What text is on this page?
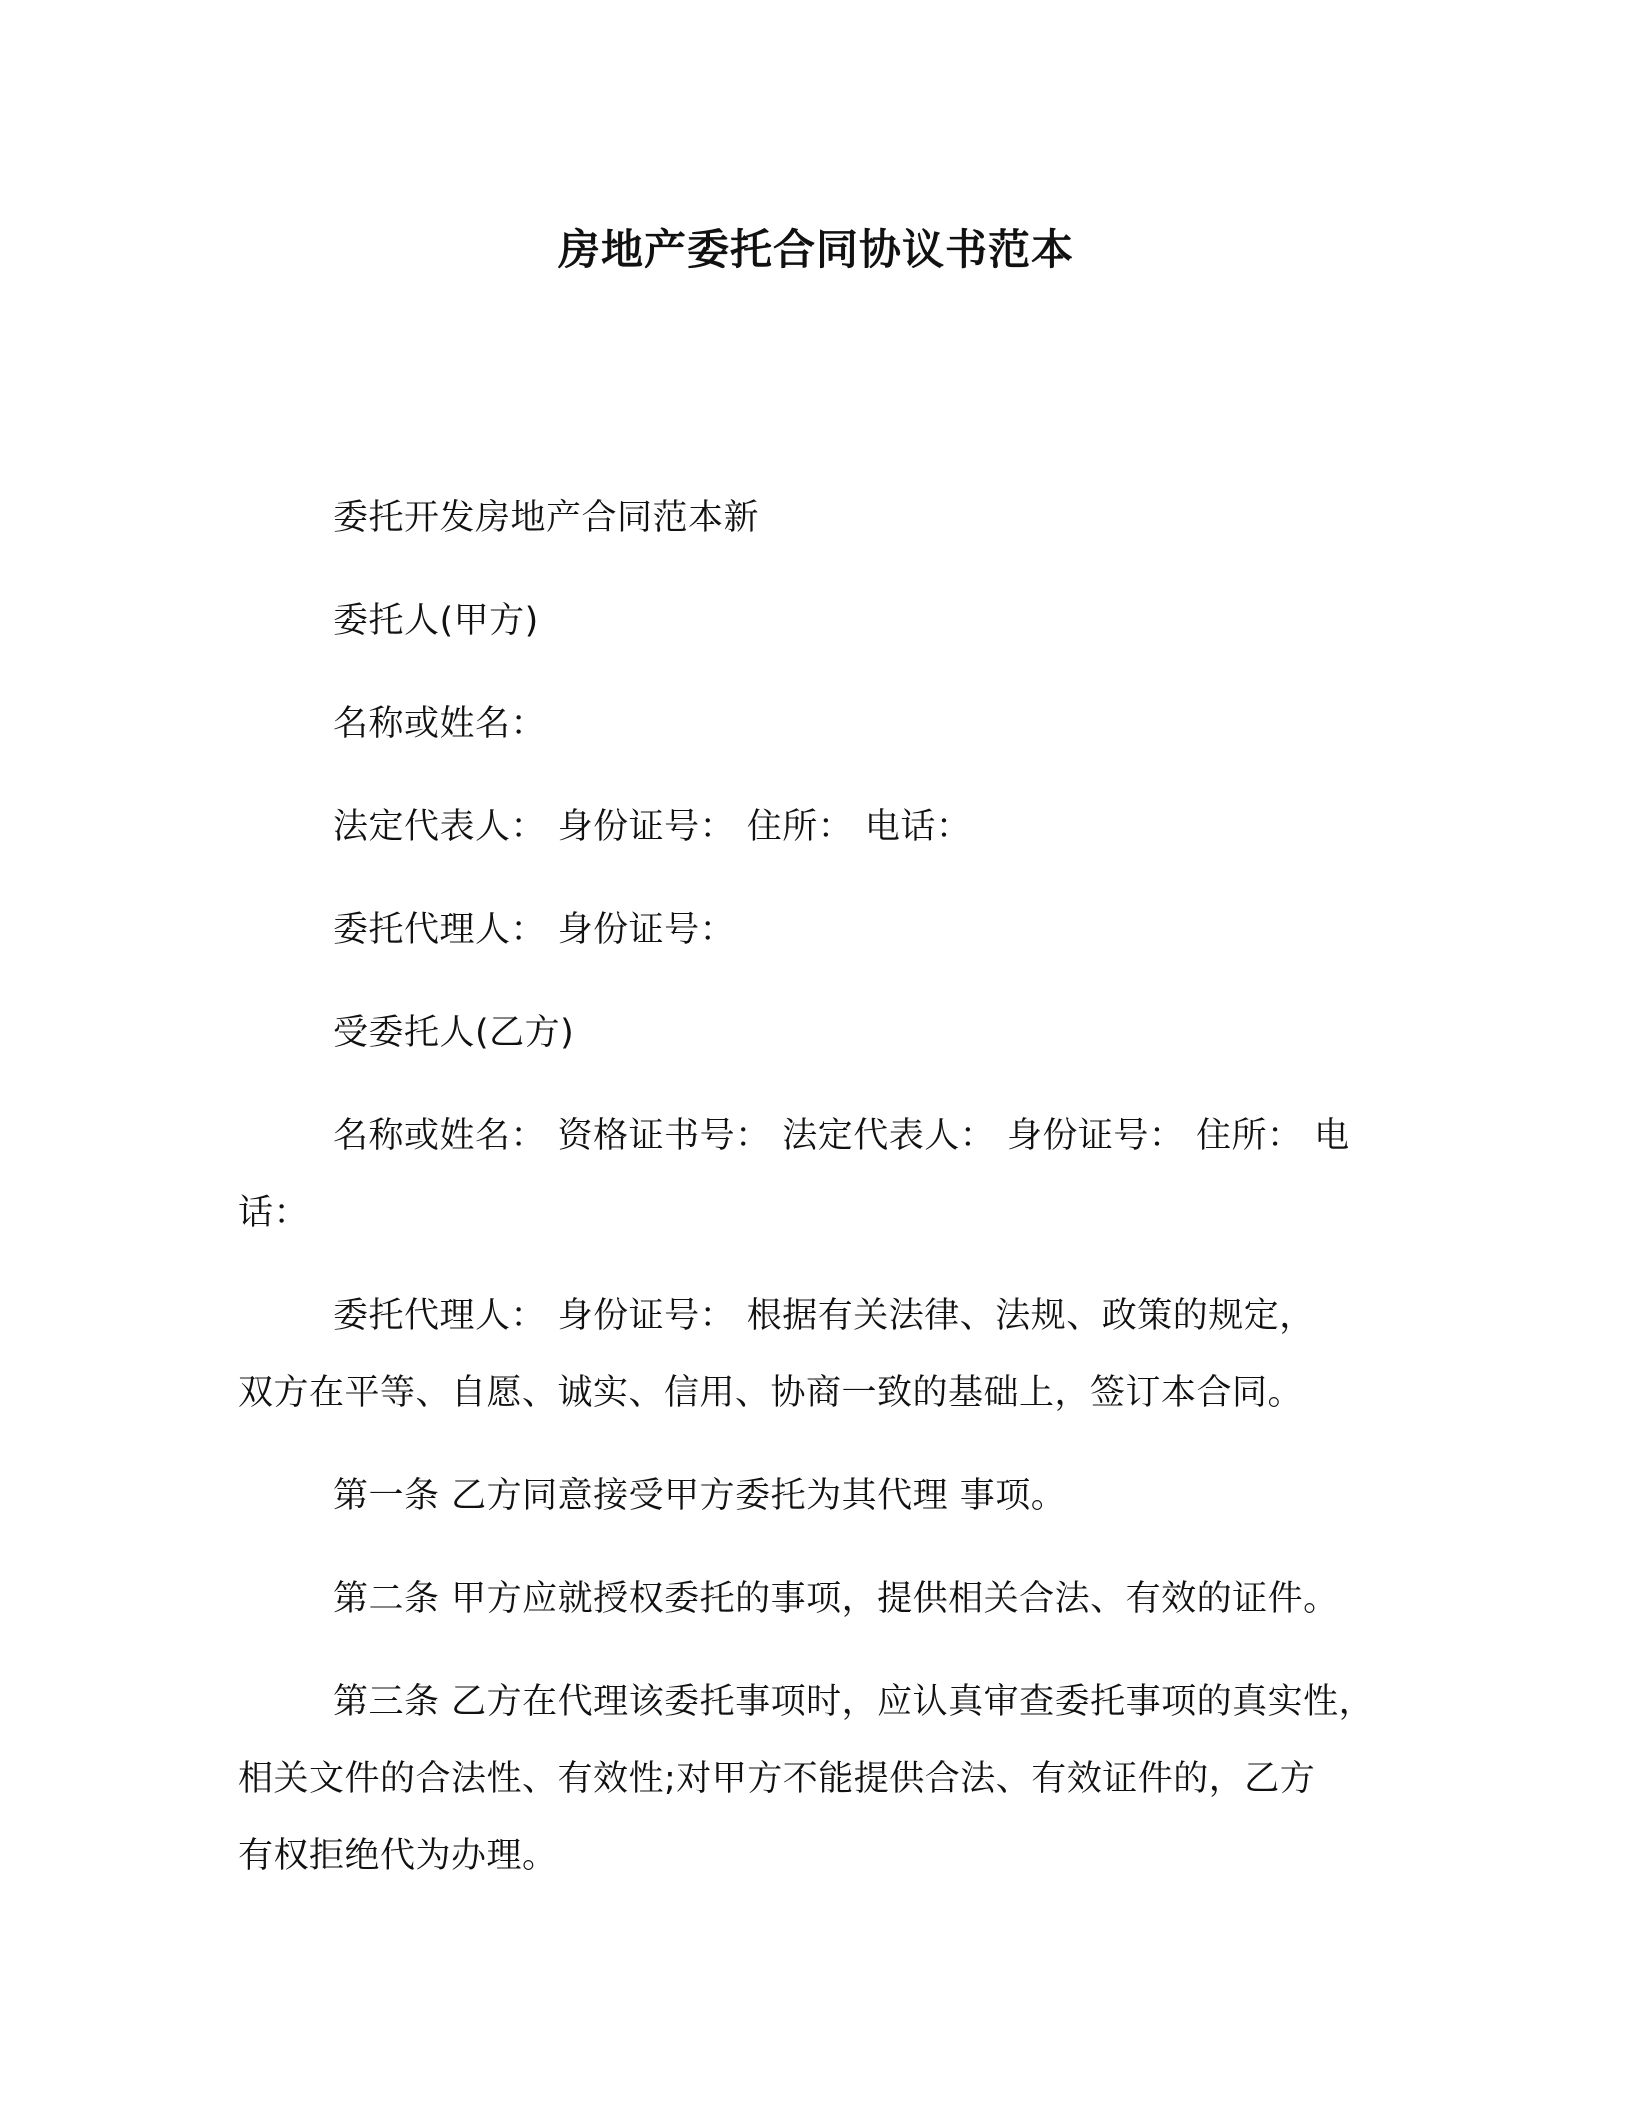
房地产委托合同协议书范本
委托开发房地产合同范本新
委托人(甲方)
名称或姓名：
法定代表人： 身份证号： 住所： 电话：
委托代理人： 身份证号：
受委托人(乙方)
名称或姓名： 资格证书号： 法定代表人： 身份证号： 住所： 电
话：
委托代理人： 身份证号： 根据有关法律、法规、政策的规定，
双方在平等、自愿、诚实、信用、协商一致的基础上，签订本合同。
第一条 乙方同意接受甲方委托为其代理 事项。
第二条 甲方应就授权委托的事项，提供相关合法、有效的证件。
第三条 乙方在代理该委托事项时，应认真审查委托事项的真实性，
相关文件的合法性、有效性;对甲方不能提供合法、有效证件的，乙方
有权拒绝代为办理。
